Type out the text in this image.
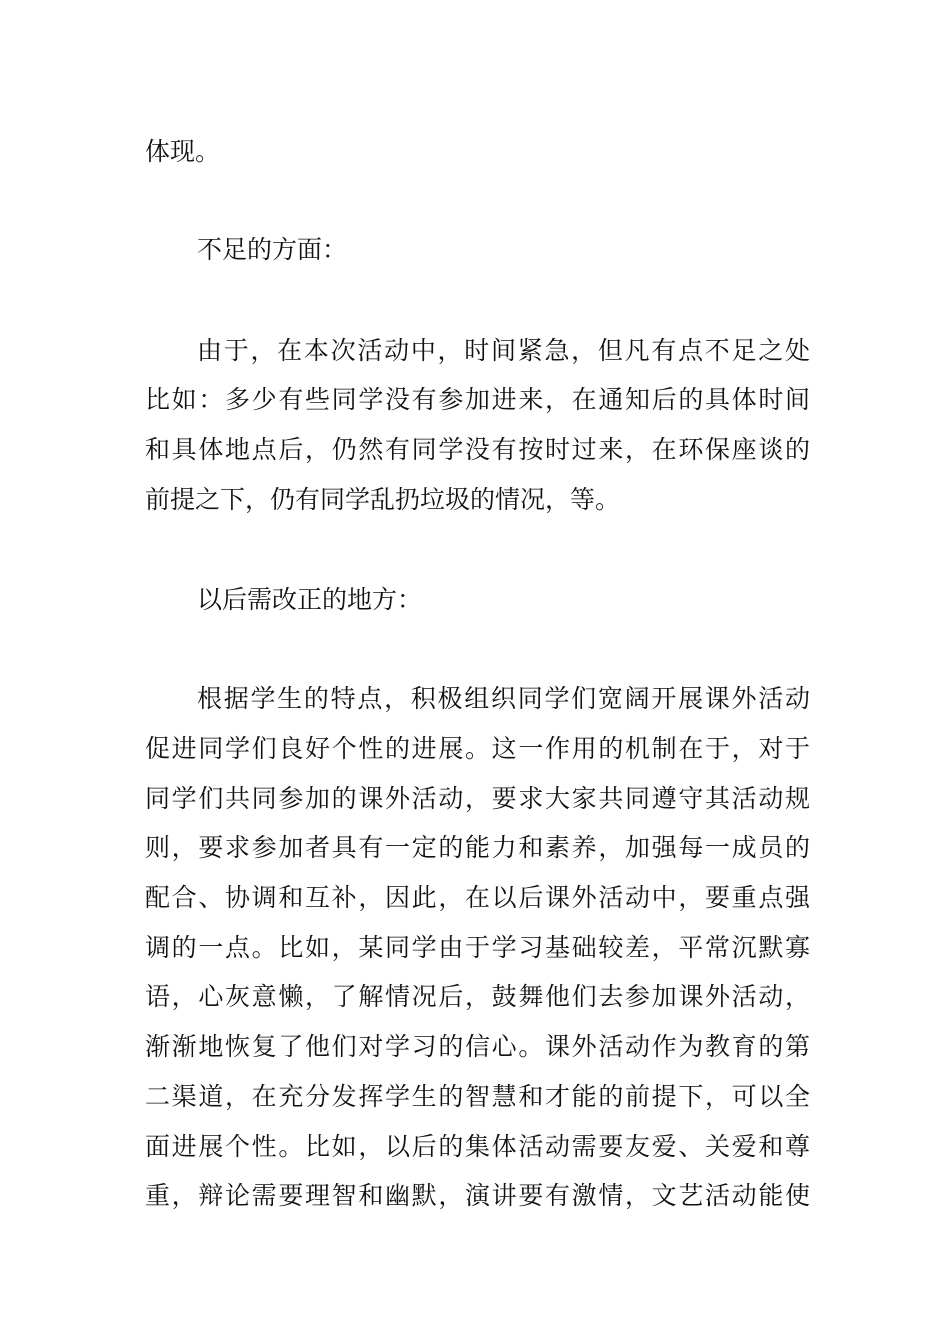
体现。
不足的方面：
由于，在本次活动中，时间紧急，但凡有点不足之处
比如：多少有些同学没有参加进来，在通知后的具体时间
和具体地点后，仍然有同学没有按时过来，在环保座谈的
前提之下，仍有同学乱扔垃圾的情况，等。
以后需改正的地方：
根据学生的特点，积极组织同学们宽阔开展课外活动
促进同学们良好个性的进展。这一作用的机制在于，对于
同学们共同参加的课外活动，要求大家共同遵守其活动规
则，要求参加者具有一定的能力和素养，加强每一成员的
配合、协调和互补，因此，在以后课外活动中，要重点强
调的一点。比如，某同学由于学习基础较差，平常沉默寡
语，心灰意懒，了解情况后，鼓舞他们去参加课外活动，
渐渐地恢复了他们对学习的信心。课外活动作为教育的第
二渠道，在充分发挥学生的智慧和才能的前提下，可以全
面进展个性。比如，以后的集体活动需要友爱、关爱和尊
重，辩论需要理智和幽默，演讲要有激情，文艺活动能使
